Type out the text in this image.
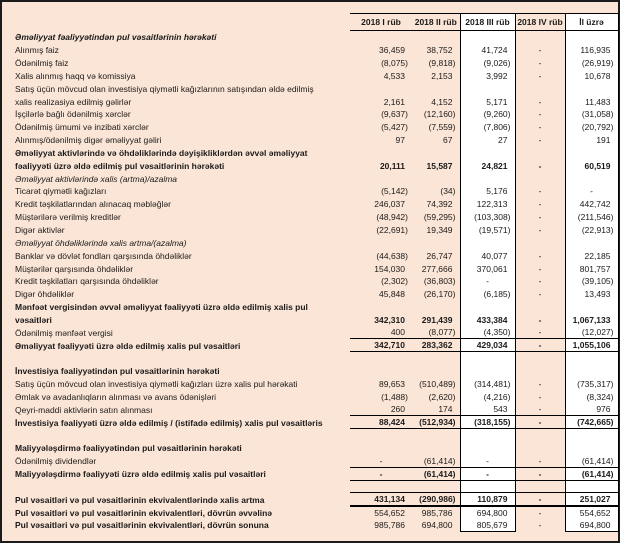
	2018 I rüb	2018 II rüb	2018 III rüb	2018 IV rüb	İl üzrə
Əməliyyat fəaliyyətindən pul vəsaitlərinin hərəkəti					
Alınmış faiz	36,459	38,752	41,724	-	116,935
Ödənilmiş faiz	(8,075)	(9,818)	(9,026)	-	(26,919)
Xalis alınmış haqq və komissiya	4,533	2,153	3,992	-	10,678
Satış üçün mövcud olan investisiya qiymətli kağızlarının satışından əldə edilmiş					
xalis realizasiya edilmiş gəlirlər	2,161	4,152	5,171	-	11,483
İşçilərlə bağlı ödənilmiş xərclər	(9,637)	(12,160)	(9,260)	-	(31,058)
Ödənilmiş ümumi və inzibati xərclər	(5,427)	(7,559)	(7,806)	-	(20,792)
Alınmış/ödənilmiş digər əməliyyat gəliri	97	67	27	-	191
Əməliyyat aktivlərində və öhdəliklərində dəyişikliklərdən əvvəl əməliyyat					
fəaliyyəti üzrə əldə edilmiş pul vəsaitlərinin hərəkəti	20,111	15,587	24,821	-	60,519
Əməliyyat aktivlərində xalis (artma)/azalma					
Ticarət qiymətli kağızları	(5,142)	(34)	5,176	-	-
Kredit təşkilatlarından alınacaq məbləğlər	246,037	74,392	122,313	-	442,742
Müştərilərə verilmiş kreditlər	(48,942)	(59,295)	(103,308)	-	(211,546)
Digər aktivlər	(22,691)	19,349	(19,571)	-	(22,913)
Əməliyyat öhdəliklərində xalis artma/(azalma)					
Banklar və dövlət fondları qarşısında öhdəliklər	(44,638)	26,747	40,077	-	22,185
Müştərilər qarşısında öhdəliklər	154,030	277,666	370,061	-	801,757
Kredit təşkilatları qarşısında öhdəliklər	(2,302)	(36,803)	-	-	(39,105)
Digər öhdəliklər	45,848	(26,170)	(6,185)	-	13,493
Mənfəət vergisindən əvvəl əməliyyat fəaliyyəti üzrə əldə edilmiş xalis pul					
vəsaitləri	342,310	291,439	433,384	-	1,067,133
Ödənilmiş mənfəət vergisi	400	(8,077)	(4,350)	-	(12,027)
Əməliyyat fəaliyyəti üzrə əldə edilmiş xalis pul vəsaitləri	342,710	283,362	429,034	-	1,055,106

İnvestisiya fəaliyyətindən pul vəsaitlərinin hərəkəti					
Satış üçün mövcud olan investisiya qiymətli kağızları üzrə xalis pul hərəkati	89,653	(510,489)	(314,481)	-	(735,317)
Əmlak və avadanlıqların alınması və avans ödənişləri	(1,488)	(2,620)	(4,216)	-	(8,324)
Qeyri-maddi aktivlərin satın alınması	260	174	543	-	976
İnvestisiya fəaliyyəti üzrə əldə edilmiş / (istifadə edilmiş) xalis pul vəsaitləris	88,424	(512,934)	(318,155)	-	(742,665)

Maliyyələşdirmə fəaliyyətindən pul vəsaitlərinin hərəkəti					
Ödənilmiş dividendlər	-	(61,414)	-	-	(61,414)
Maliyyələşdirmə fəaliyyəti üzrə əldə edilmiş xalis pul vəsaitləri	-	(61,414)	-	-	(61,414)

Pul vəsaitləri və pul vəsaitlərinin ekvivalentlərində xalis artma	431,134	(290,986)	110,879	-	251,027
Pul vəsaitləri və pul vəsaitlərinin ekvivalentləri, dövrün əvvəlinə	554,652	985,786	694,800	-	554,652
Pul vəsaitləri və pul vəsaitlərinin ekvivalentləri, dövrün sonuna	985,786	694,800	805,679	-	694,800
